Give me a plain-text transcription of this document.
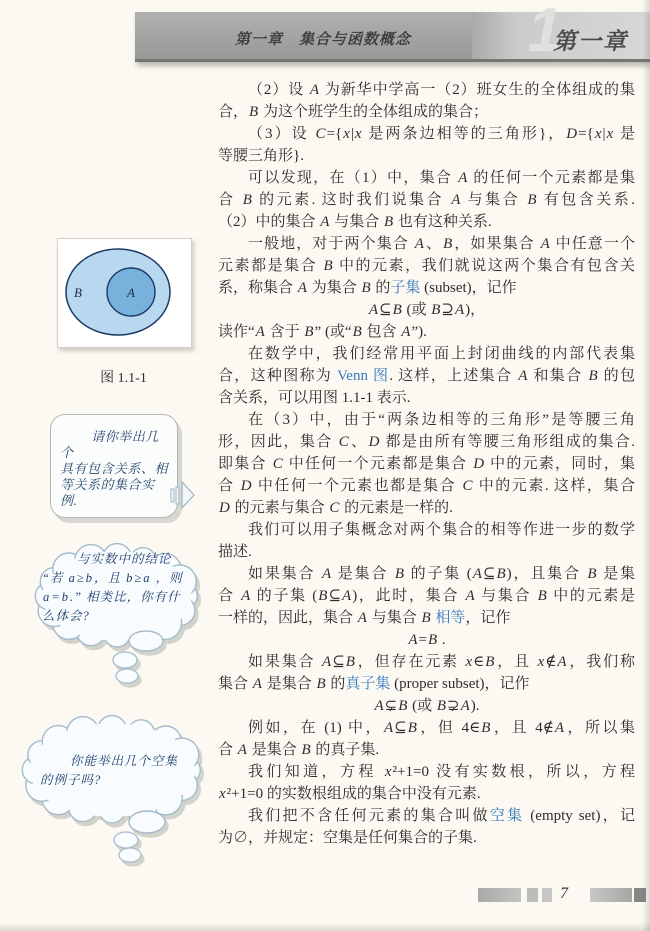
第一章　集合与函数概念 1
第一章
（2）设 A 为新华中学高一（2）班女生的全体组成的集
合，B 为这个班学生的全体组成的集合；
（3）设 C={x|x 是两条边相等的三角形}，D={x|x 是
等腰三角形}.
可以发现，在（1）中，集合 A 的任何一个元素都是集
合 B 的元素. 这时我们说集合 A 与集合 B 有包含关系.
（2）中的集合 A 与集合 B 也有这种关系.
一般地，对于两个集合 A、B，如果集合 A 中任意一个
元素都是集合 B 中的元素，我们就说这两个集合有包含关
系，称集合 A 为集合 B 的子集 (subset)，记作
A⊆B (或 B⊇A)，
读作“A 含于 B” (或“B 包含 A”).
在数学中，我们经常用平面上封闭曲线的内部代表集
合，这种图称为 Venn 图. 这样，上述集合 A 和集合 B 的包
含关系，可以用图 1.1-1 表示.
在（3）中，由于“两条边相等的三角形”是等腰三角
形，因此，集合 C、D 都是由所有等腰三角形组成的集合.
即集合 C 中任何一个元素都是集合 D 中的元素，同时，集
合 D 中任何一个元素也都是集合 C 中的元素. 这样，集合
D 的元素与集合 C 的元素是一样的.
我们可以用子集概念对两个集合的相等作进一步的数学
描述.
如果集合 A 是集合 B 的子集 (A⊆B)，且集合 B 是集
合 A 的子集 (B⊆A)，此时，集合 A 与集合 B 中的元素是
一样的，因此，集合 A 与集合 B 相等，记作
A=B .
如果集合 A⊆B，但存在元素 x∈B，且 x∉A，我们称
集合 A 是集合 B 的真子集 (proper subset)，记作
A⊊B (或 B⊋A).
例如，在 (1) 中，A⊆B，但 4∈B，且 4∉A，所以集
合 A 是集合 B 的真子集.
我们知道，方程 x²+1=0 没有实数根，所以，方程
x²+1=0 的实数根组成的集合中没有元素.
我们把不含任何元素的集合叫做空集 (empty set)，记
为∅，并规定：空集是任何集合的子集.
B	A
图 1.1-1
请你举出几个
具有包含关系、相
等关系的集合实
例.
与实数中的结论
“若 a≥b，且 b≥a ，则
a=b.” 相类比，你有什
么体会?
你能举出几个空集
的例子吗?
7
